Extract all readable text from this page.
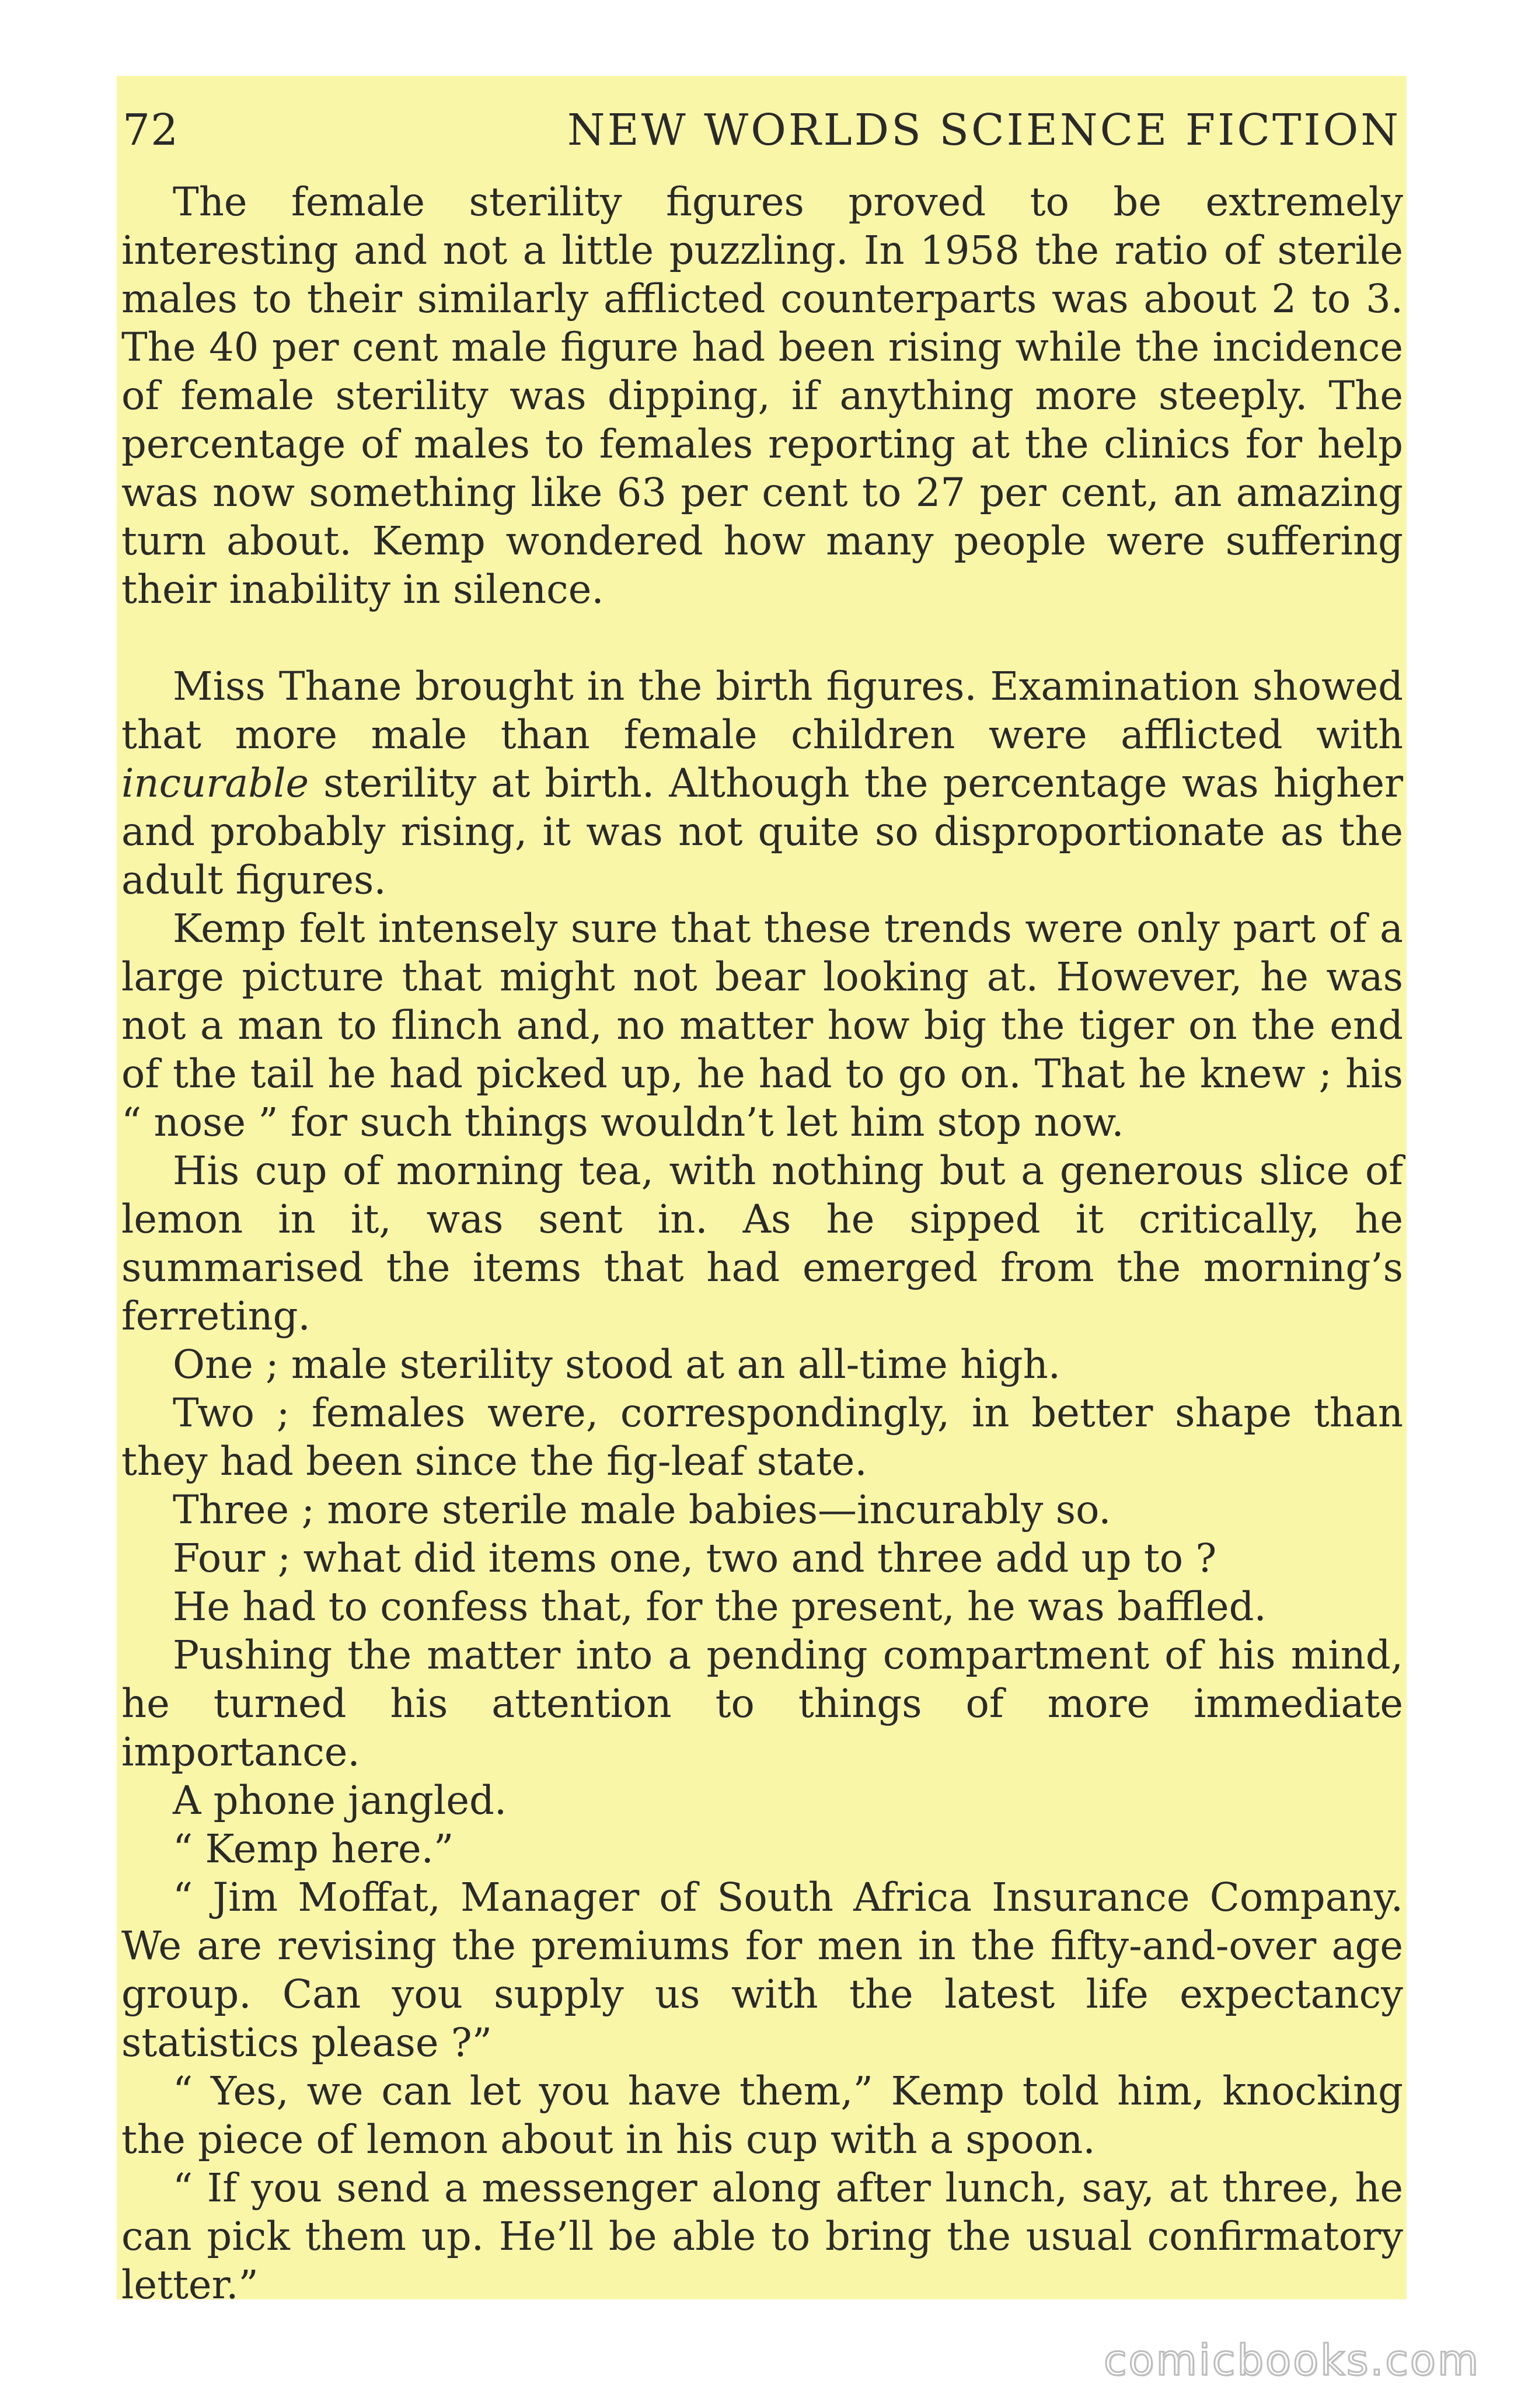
72	NEW WORLDS SCIENCE FICTION

The female sterility figures proved to be extremely interesting and not a little puzzling. In 1958 the ratio of sterile males to their similarly afflicted counterparts was about 2 to 3. The 40 per cent male figure had been rising while the incidence of female sterility was dipping, if anything more steeply. The percentage of males to females reporting at the clinics for help was now something like 63 per cent to 27 per cent, an amazing turn about. Kemp wondered how many people were suffering their inability in silence.

Miss Thane brought in the birth figures. Examination showed that more male than female children were afflicted with incurable sterility at birth. Although the percentage was higher and probably rising, it was not quite so disproportionate as the adult figures.

Kemp felt intensely sure that these trends were only part of a large picture that might not bear looking at. However, he was not a man to flinch and, no matter how big the tiger on the end of the tail he had picked up, he had to go on. That he knew ; his “ nose ” for such things wouldn’t let him stop now.

His cup of morning tea, with nothing but a generous slice of lemon in it, was sent in. As he sipped it critically, he summarised the items that had emerged from the morning’s ferreting.

One ; male sterility stood at an all-time high.

Two ; females were, correspondingly, in better shape than they had been since the fig-leaf state.

Three ; more sterile male babies—incurably so.

Four ; what did items one, two and three add up to ?

He had to confess that, for the present, he was baffled.

Pushing the matter into a pending compartment of his mind, he turned his attention to things of more immediate importance.

A phone jangled.

“ Kemp here.”

“ Jim Moffat, Manager of South Africa Insurance Company. We are revising the premiums for men in the fifty-and-over age group. Can you supply us with the latest life expectancy statistics please ?”

“ Yes, we can let you have them,” Kemp told him, knocking the piece of lemon about in his cup with a spoon.

“ If you send a messenger along after lunch, say, at three, he can pick them up. He’ll be able to bring the usual confirmatory letter.”

comicbooks.com
